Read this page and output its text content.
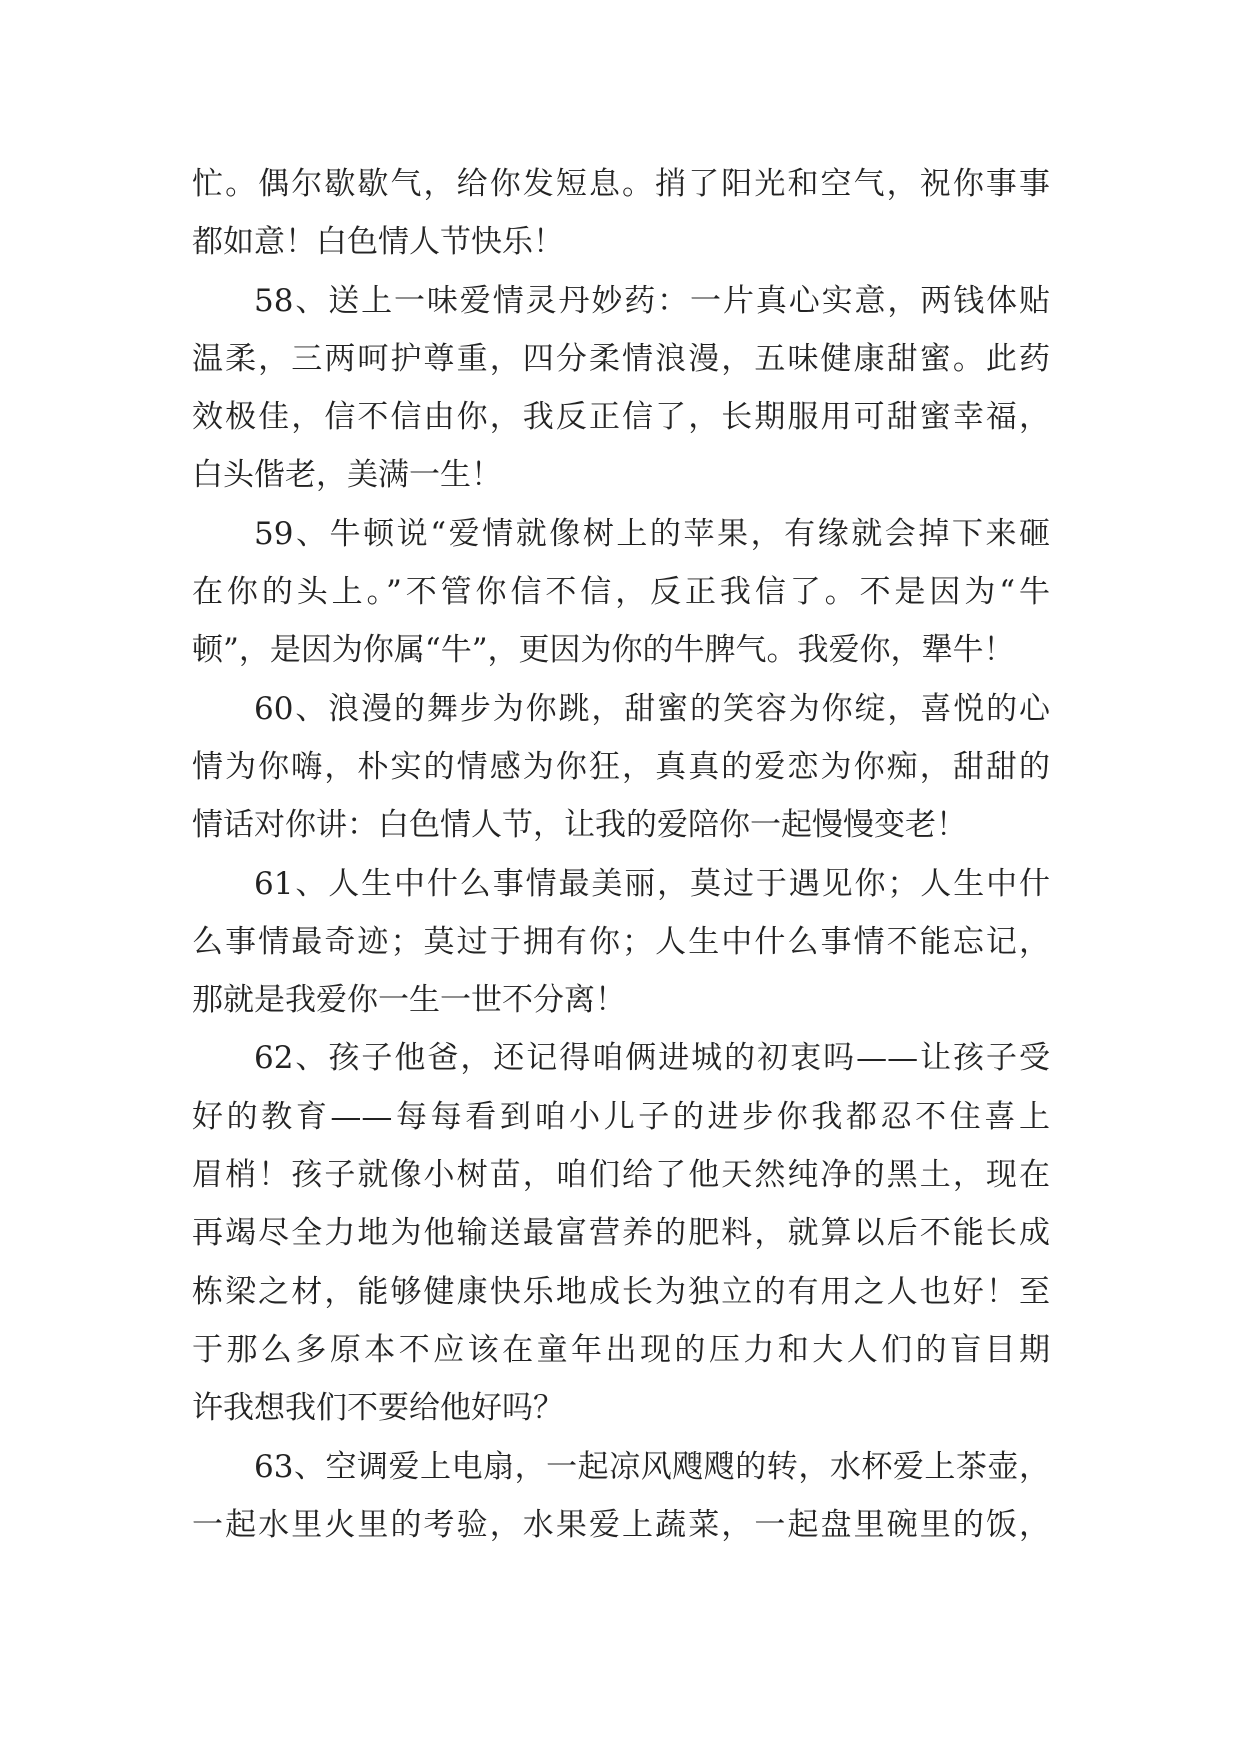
忙。偶尔歇歇气，给你发短息。捎了阳光和空气，祝你事事
都如意！白色情人节快乐！
58、送上一味爱情灵丹妙药：一片真心实意，两钱体贴
温柔，三两呵护尊重，四分柔情浪漫，五味健康甜蜜。此药
效极佳，信不信由你，我反正信了，长期服用可甜蜜幸福，
白头偕老，美满一生！
59、牛顿说“爱情就像树上的苹果，有缘就会掉下来砸
在你的头上。”不管你信不信，反正我信了。不是因为“牛
顿”，是因为你属“牛”，更因为你的牛脾气。我爱你，犟牛！
60、浪漫的舞步为你跳，甜蜜的笑容为你绽，喜悦的心
情为你嗨，朴实的情感为你狂，真真的爱恋为你痴，甜甜的
情话对你讲：白色情人节，让我的爱陪你一起慢慢变老！
61、人生中什么事情最美丽，莫过于遇见你；人生中什
么事情最奇迹；莫过于拥有你；人生中什么事情不能忘记，
那就是我爱你一生一世不分离！
62、孩子他爸，还记得咱俩进城的初衷吗——让孩子受
好的教育——每每看到咱小儿子的进步你我都忍不住喜上
眉梢！孩子就像小树苗，咱们给了他天然纯净的黑土，现在
再竭尽全力地为他输送最富营养的肥料，就算以后不能长成
栋梁之材，能够健康快乐地成长为独立的有用之人也好！至
于那么多原本不应该在童年出现的压力和大人们的盲目期
许我想我们不要给他好吗？
63、空调爱上电扇，一起凉风飕飕的转，水杯爱上茶壶，
一起水里火里的考验，水果爱上蔬菜，一起盘里碗里的饭，
